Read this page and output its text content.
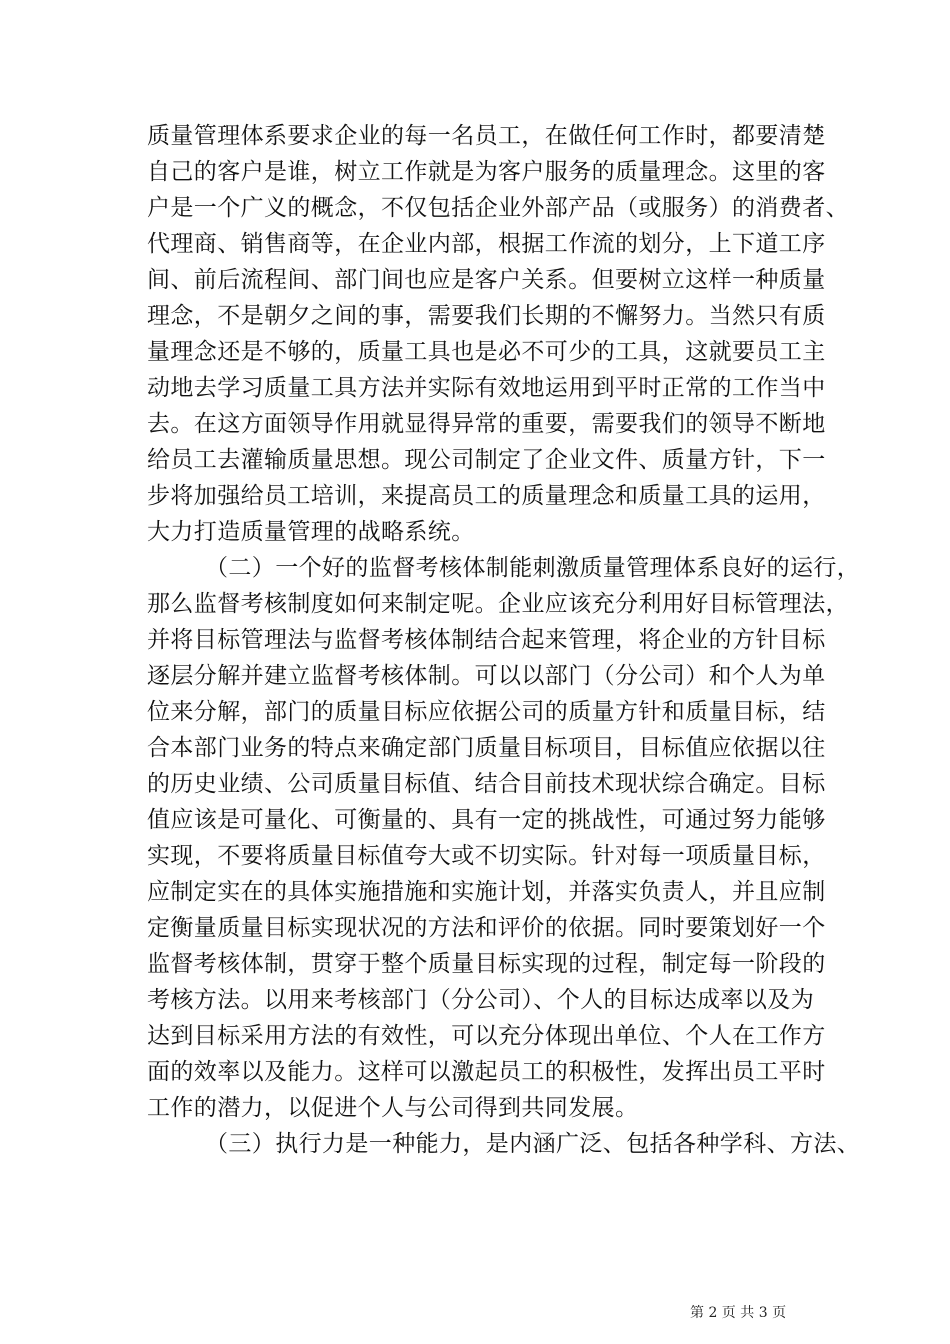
质量管理体系要求企业的每一名员工，在做任何工作时，都要清楚
自己的客户是谁，树立工作就是为客户服务的质量理念。这里的客
户是一个广义的概念，不仅包括企业外部产品（或服务）的消费者、
代理商、销售商等，在企业内部，根据工作流的划分，上下道工序
间、前后流程间、部门间也应是客户关系。但要树立这样一种质量
理念，不是朝夕之间的事，需要我们长期的不懈努力。当然只有质
量理念还是不够的，质量工具也是必不可少的工具，这就要员工主
动地去学习质量工具方法并实际有效地运用到平时正常的工作当中
去。在这方面领导作用就显得异常的重要，需要我们的领导不断地
给员工去灌输质量思想。现公司制定了企业文件、质量方针，下一
步将加强给员工培训，来提高员工的质量理念和质量工具的运用，
大力打造质量管理的战略系统。
（二）一个好的监督考核体制能刺激质量管理体系良好的运行，
那么监督考核制度如何来制定呢。企业应该充分利用好目标管理法，
并将目标管理法与监督考核体制结合起来管理，将企业的方针目标
逐层分解并建立监督考核体制。可以以部门（分公司）和个人为单
位来分解，部门的质量目标应依据公司的质量方针和质量目标，结
合本部门业务的特点来确定部门质量目标项目，目标值应依据以往
的历史业绩、公司质量目标值、结合目前技术现状综合确定。目标
值应该是可量化、可衡量的、具有一定的挑战性，可通过努力能够
实现，不要将质量目标值夸大或不切实际。针对每一项质量目标，
应制定实在的具体实施措施和实施计划，并落实负责人，并且应制
定衡量质量目标实现状况的方法和评价的依据。同时要策划好一个
监督考核体制，贯穿于整个质量目标实现的过程，制定每一阶段的
考核方法。以用来考核部门（分公司）、个人的目标达成率以及为
达到目标采用方法的有效性，可以充分体现出单位、个人在工作方
面的效率以及能力。这样可以激起员工的积极性，发挥出员工平时
工作的潜力，以促进个人与公司得到共同发展。
（三）执行力是一种能力，是内涵广泛、包括各种学科、方法、
第 2 页 共 3 页
